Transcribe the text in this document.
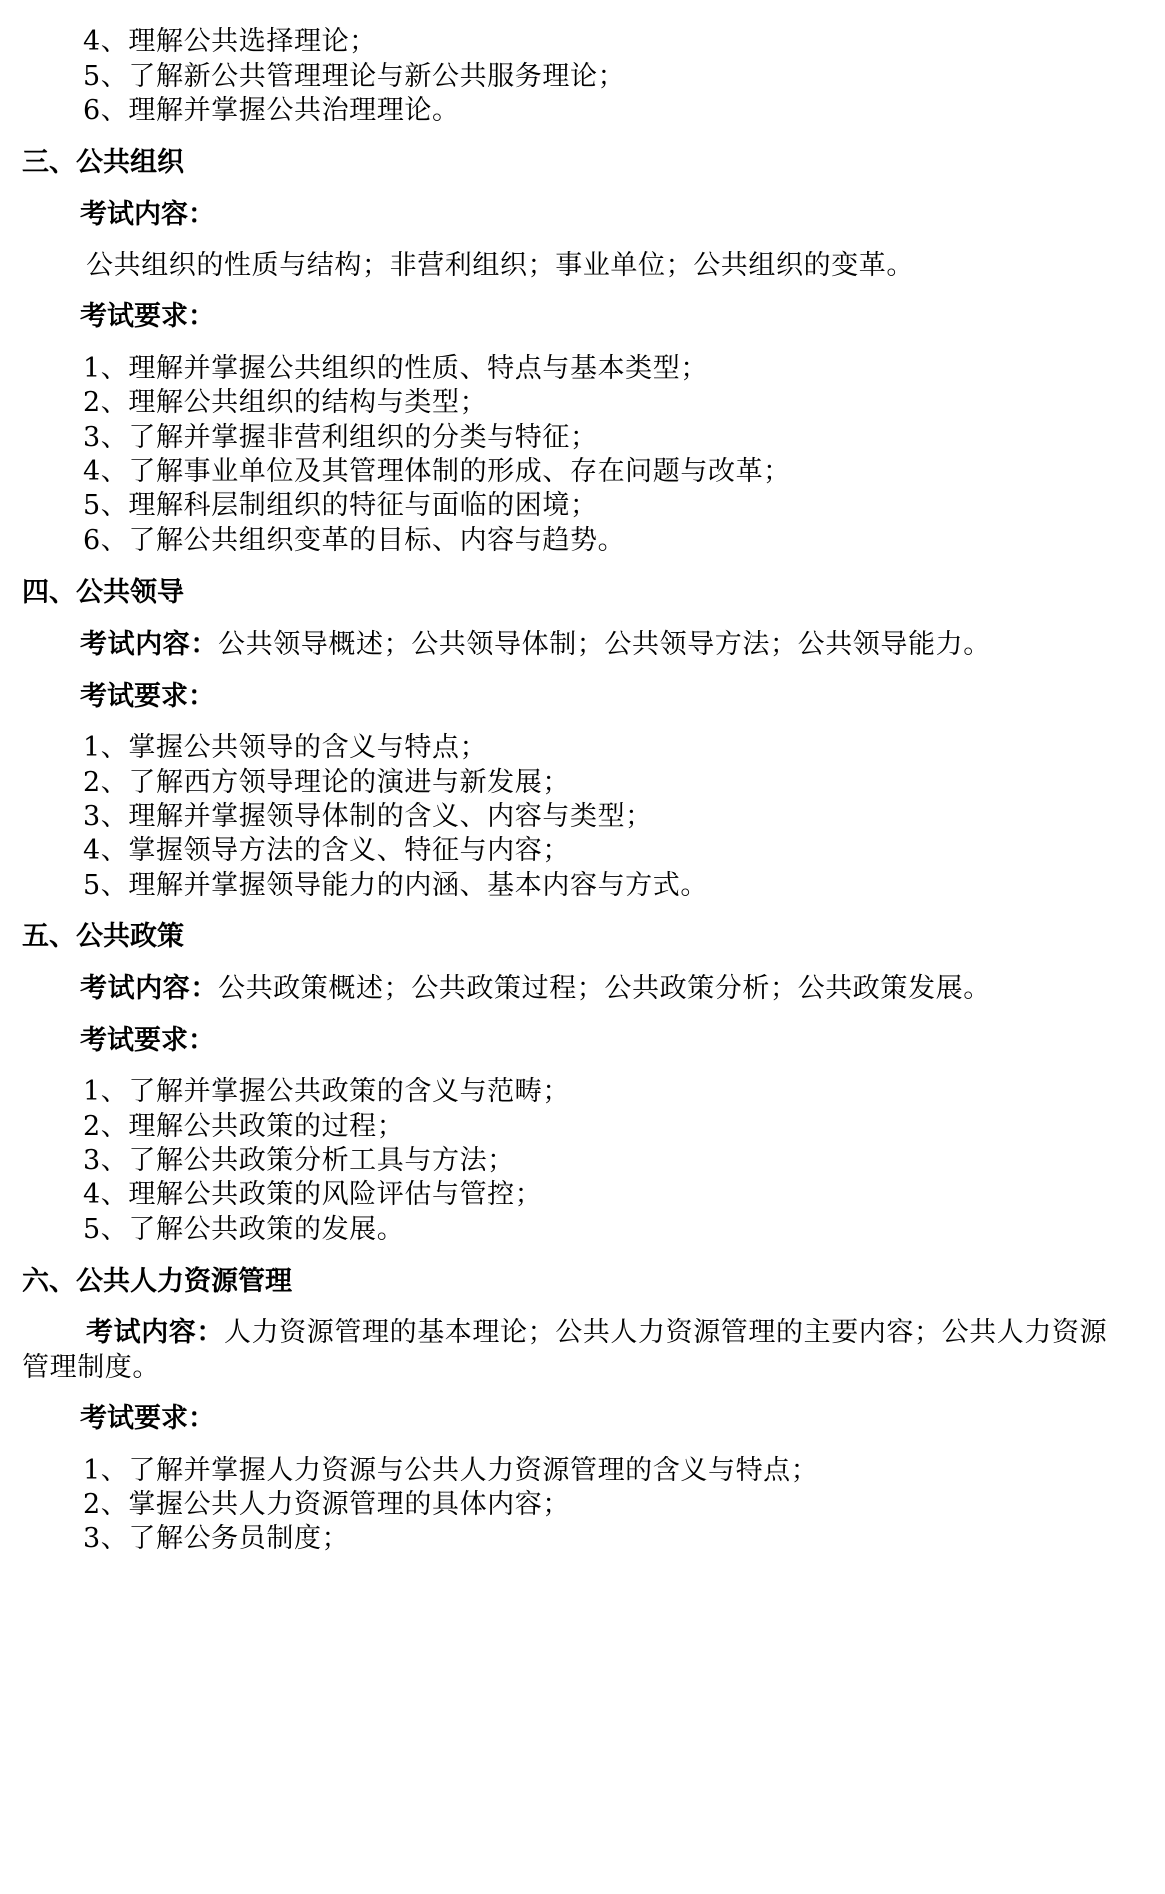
4、理解公共选择理论；
5、了解新公共管理理论与新公共服务理论；
6、理解并掌握公共治理理论。
三、公共组织
考试内容：
公共组织的性质与结构；非营利组织；事业单位；公共组织的变革。
考试要求：
1、理解并掌握公共组织的性质、特点与基本类型；
2、理解公共组织的结构与类型；
3、了解并掌握非营利组织的分类与特征；
4、了解事业单位及其管理体制的形成、存在问题与改革；
5、理解科层制组织的特征与面临的困境；
6、了解公共组织变革的目标、内容与趋势。
四、公共领导
考试内容：公共领导概述；公共领导体制；公共领导方法；公共领导能力。
考试要求：
1、掌握公共领导的含义与特点；
2、了解西方领导理论的演进与新发展；
3、理解并掌握领导体制的含义、内容与类型；
4、掌握领导方法的含义、特征与内容；
5、理解并掌握领导能力的内涵、基本内容与方式。
五、公共政策
考试内容：公共政策概述；公共政策过程；公共政策分析；公共政策发展。
考试要求：
1、了解并掌握公共政策的含义与范畴；
2、理解公共政策的过程；
3、了解公共政策分析工具与方法；
4、理解公共政策的风险评估与管控；
5、了解公共政策的发展。
六、公共人力资源管理
考试内容：人力资源管理的基本理论；公共人力资源管理的主要内容；公共人力资源
管理制度。
考试要求：
1、了解并掌握人力资源与公共人力资源管理的含义与特点；
2、掌握公共人力资源管理的具体内容；
3、了解公务员制度；
